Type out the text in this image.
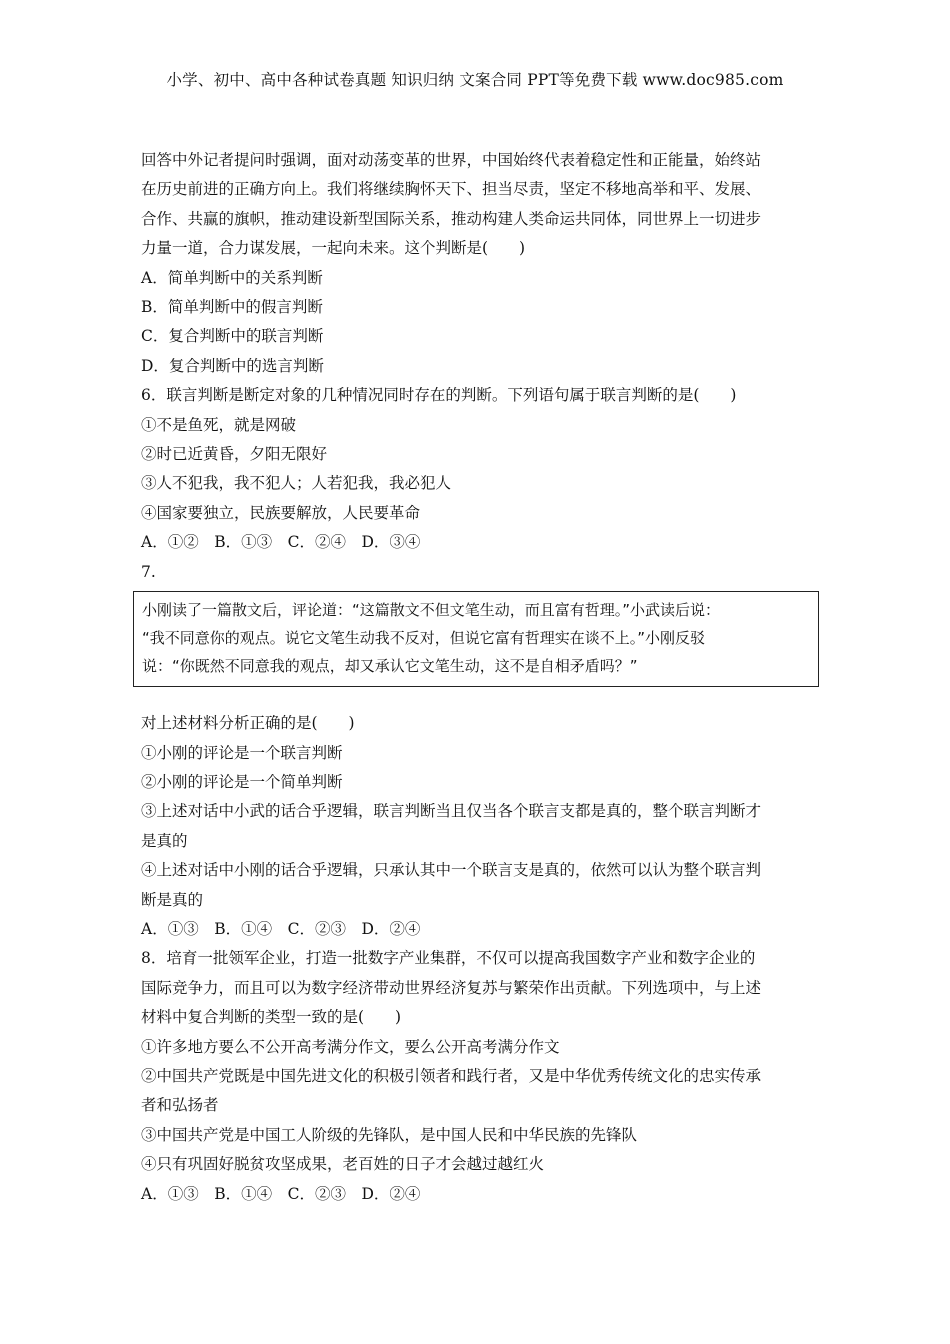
小学、初中、高中各种试卷真题 知识归纳 文案合同 PPT等免费下载 www.doc985.com

回答中外记者提问时强调，面对动荡变革的世界，中国始终代表着稳定性和正能量，始终站

在历史前进的正确方向上。我们将继续胸怀天下、担当尽责，坚定不移地高举和平、发展、

合作、共赢的旗帜，推动建设新型国际关系，推动构建人类命运共同体，同世界上一切进步

力量一道，合力谋发展，一起向未来。这个判断是(　　)

A．简单判断中的关系判断

B．简单判断中的假言判断

C．复合判断中的联言判断

D．复合判断中的选言判断

6．联言判断是断定对象的几种情况同时存在的判断。下列语句属于联言判断的是(　　)

①不是鱼死，就是网破

②时已近黄昏，夕阳无限好

③人不犯我，我不犯人；人若犯我，我必犯人

④国家要独立，民族要解放，人民要革命

A．①②　B．①③　C．②④　D．③④

7.

小刚读了一篇散文后，评论道：“这篇散文不但文笔生动，而且富有哲理。”小武读后说：

“我不同意你的观点。说它文笔生动我不反对，但说它富有哲理实在谈不上。”小刚反驳

说：“你既然不同意我的观点，却又承认它文笔生动，这不是自相矛盾吗？”

对上述材料分析正确的是(　　)

①小刚的评论是一个联言判断

②小刚的评论是一个简单判断

③上述对话中小武的话合乎逻辑，联言判断当且仅当各个联言支都是真的，整个联言判断才

是真的

④上述对话中小刚的话合乎逻辑，只承认其中一个联言支是真的，依然可以认为整个联言判

断是真的

A．①③　B．①④　C．②③　D．②④

8．培育一批领军企业，打造一批数字产业集群，不仅可以提高我国数字产业和数字企业的

国际竞争力，而且可以为数字经济带动世界经济复苏与繁荣作出贡献。下列选项中，与上述

材料中复合判断的类型一致的是(　　)

①许多地方要么不公开高考满分作文，要么公开高考满分作文

②中国共产党既是中国先进文化的积极引领者和践行者，又是中华优秀传统文化的忠实传承

者和弘扬者

③中国共产党是中国工人阶级的先锋队，是中国人民和中华民族的先锋队

④只有巩固好脱贫攻坚成果，老百姓的日子才会越过越红火

A．①③　B．①④　C．②③　D．②④
